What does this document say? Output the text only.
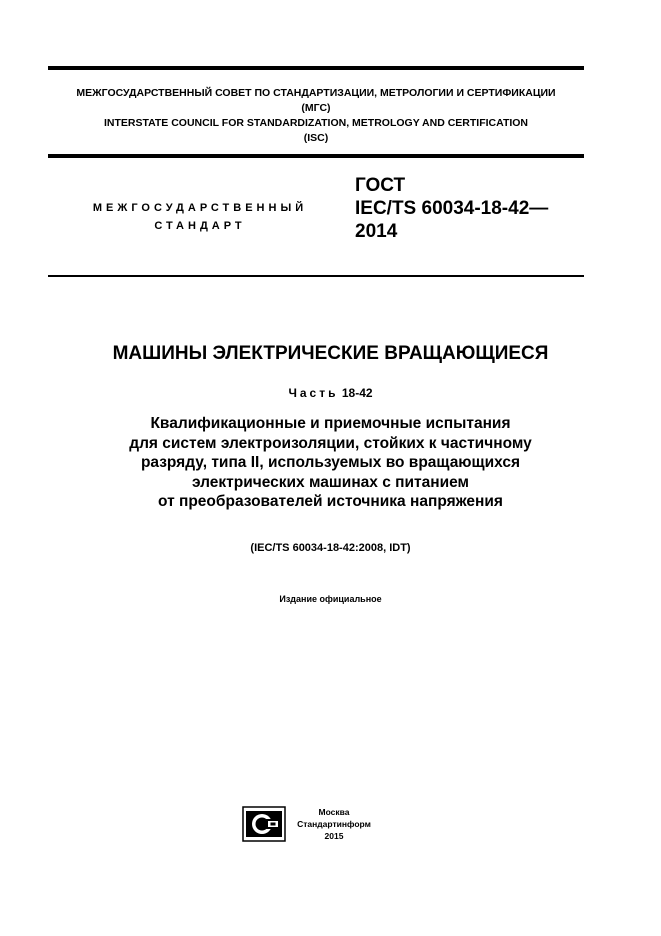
МЕЖГОСУДАРСТВЕННЫЙ СОВЕТ ПО СТАНДАРТИЗАЦИИ, МЕТРОЛОГИИ И СЕРТИФИКАЦИИ
(МГС)
INTERSTATE COUNCIL FOR STANDARDIZATION, METROLOGY AND CERTIFICATION
(ISC)
МЕЖГОСУДАРСТВЕННЫЙ
СТАНДАРТ
ГОСТ
IEC/TS 60034-18-42—
2014
МАШИНЫ ЭЛЕКТРИЧЕСКИЕ ВРАЩАЮЩИЕСЯ
Часть 18-42
Квалификационные и приемочные испытания
для систем электроизоляции, стойких к частичному
разряду, типа II, используемых во вращающихся
электрических машинах с питанием
от преобразователей источника напряжения
(IEC/TS 60034-18-42:2008, IDT)
Издание официальное
Москва
Стандартинформ
2015
